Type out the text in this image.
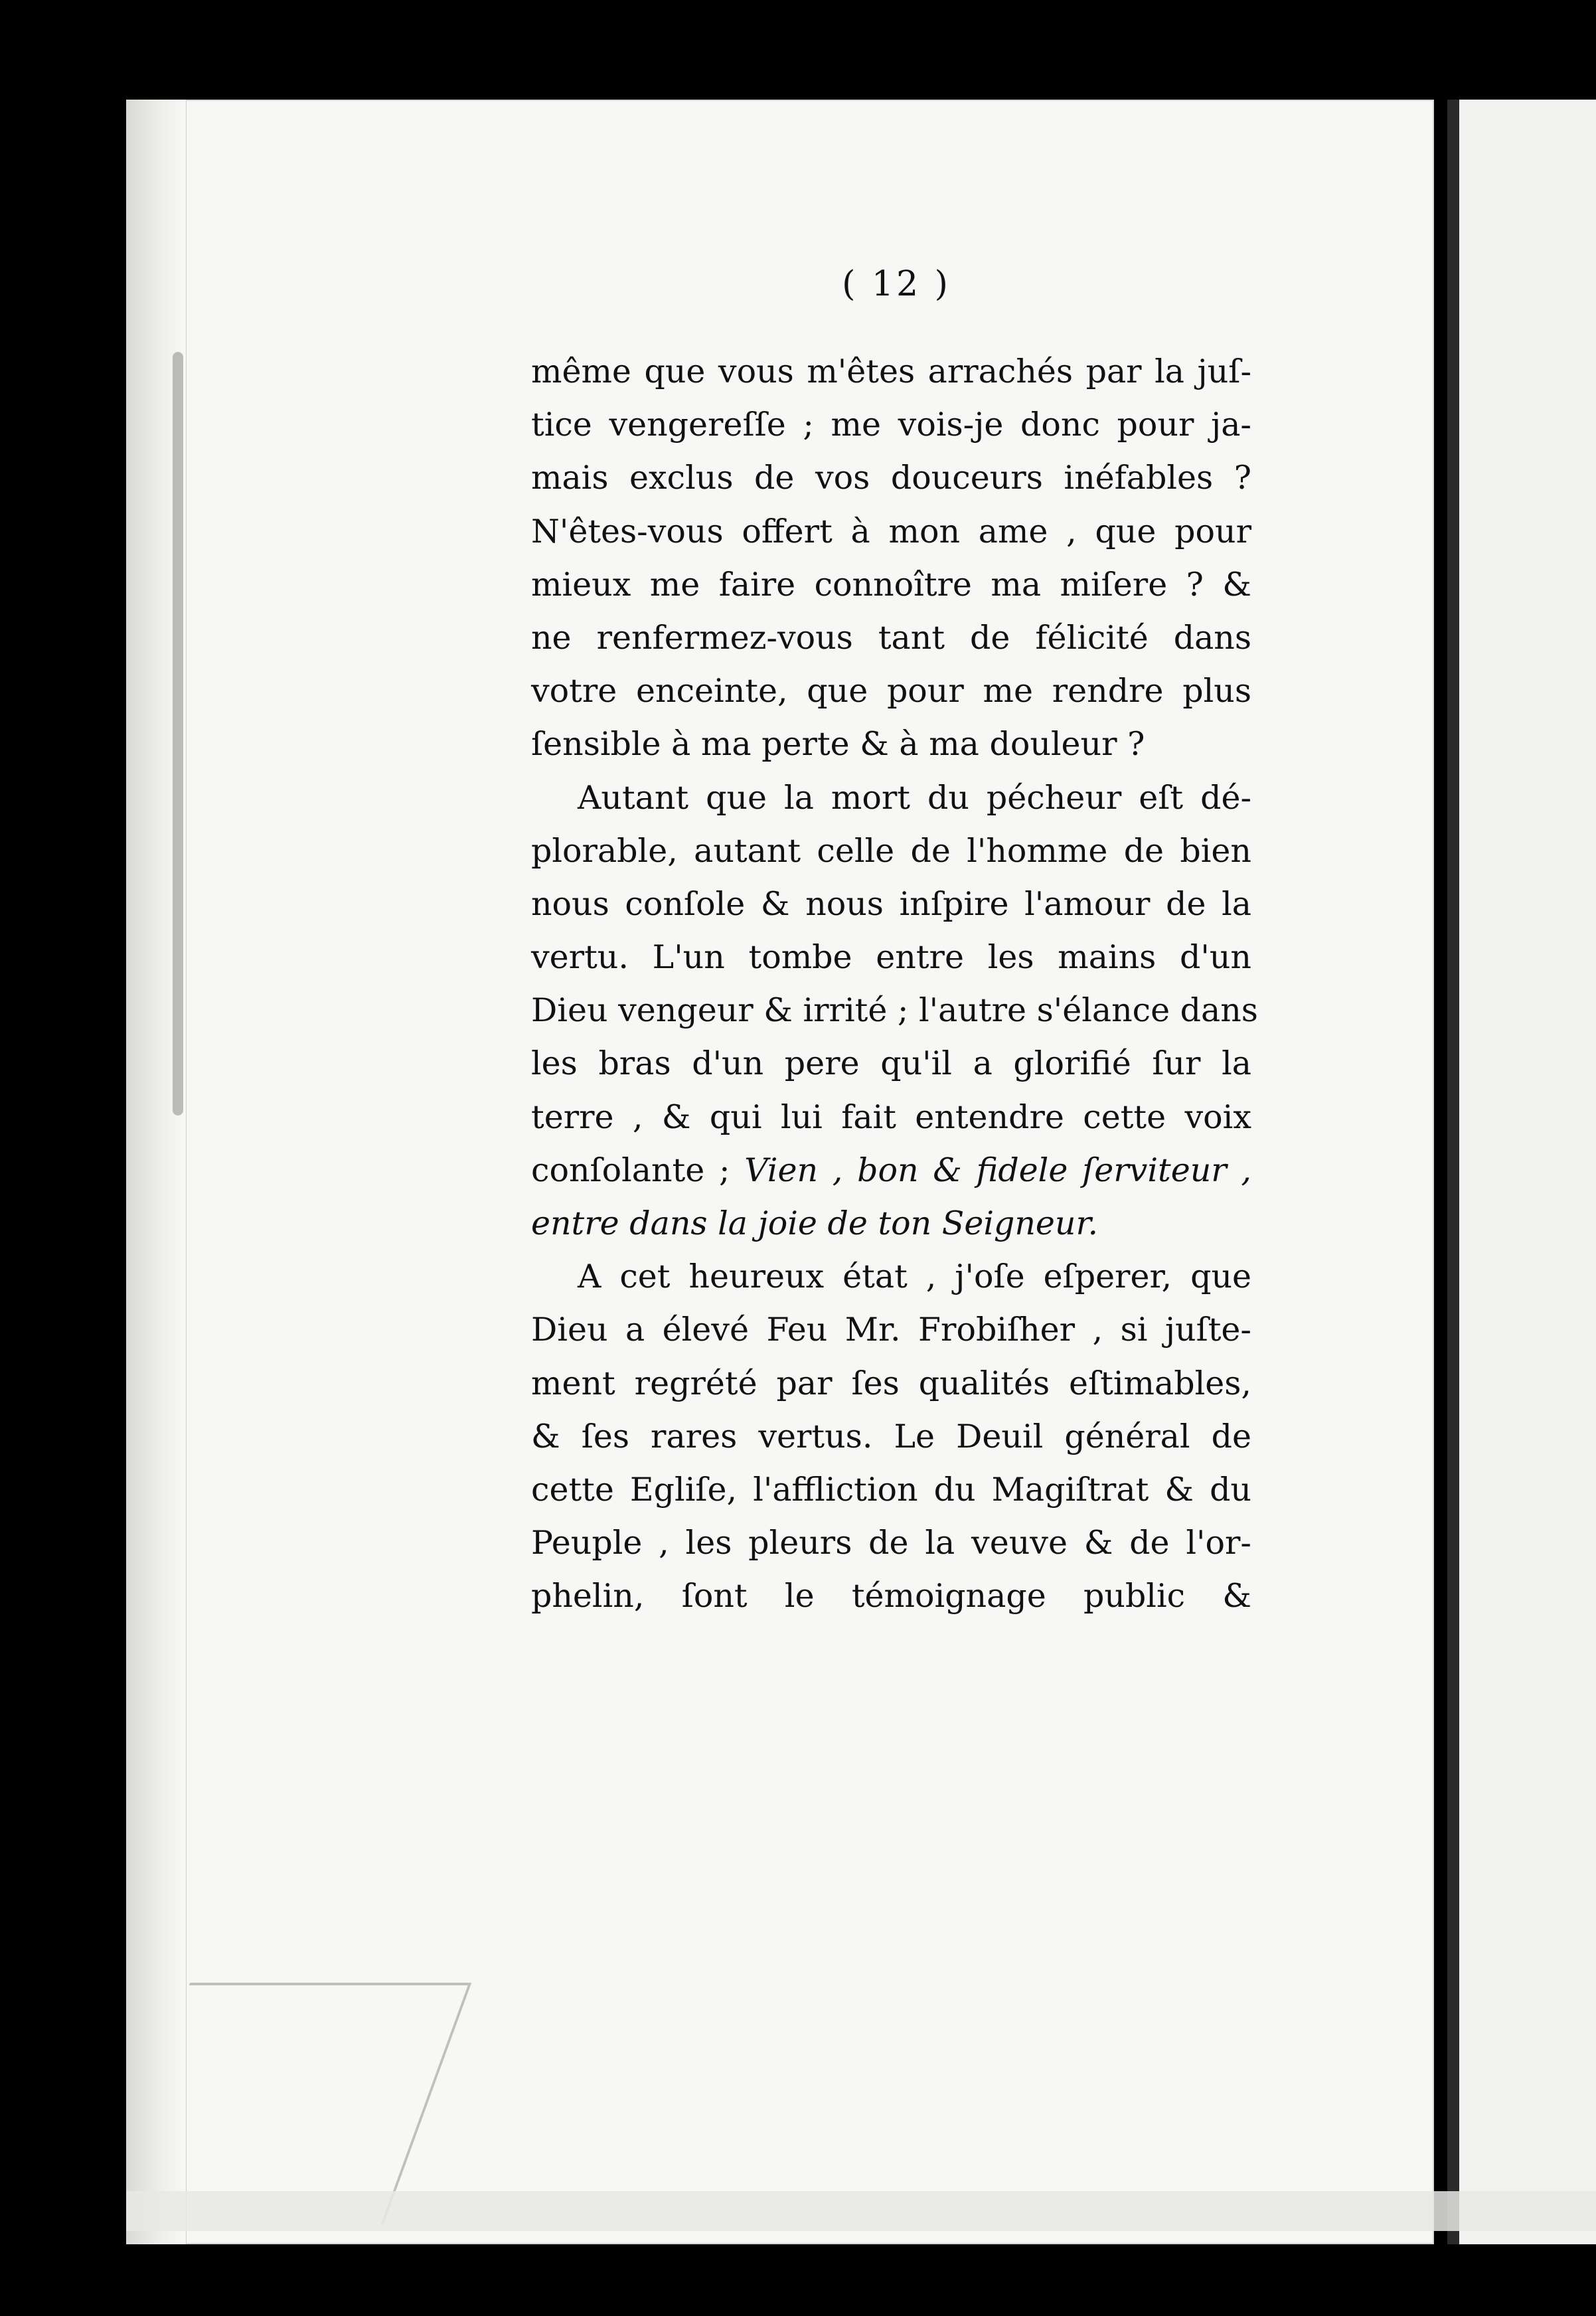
( 12 )
même que vous m'êtes arrachés par la juſ-
tice vengereſſe ; me vois-je donc pour ja-
mais exclus de vos douceurs inéfables ?
N'êtes-vous offert à mon ame , que pour
mieux me faire connoître ma miſere ? &
ne renfermez-vous tant de félicité dans
votre enceinte, que pour me rendre plus
ſensible à ma perte & à ma douleur ?
Autant que la mort du pécheur eſt dé-
plorable, autant celle de l'homme de bien
nous conſole & nous inſpire l'amour de la
vertu. L'un tombe entre les mains d'un
Dieu vengeur & irrité ; l'autre s'élance dans
les bras d'un pere qu'il a glorifié ſur la
terre , & qui lui fait entendre cette voix
conſolante ; Vien , bon & fidele ſerviteur ,
entre dans la joie de ton Seigneur.
A cet heureux état , j'oſe eſperer, que
Dieu a élevé Feu Mr. Frobiſher , si juſte-
ment regrété par ſes qualités eſtimables,
& ſes rares vertus. Le Deuil général de
cette Egliſe, l'affliction du Magiſtrat & du
Peuple , les pleurs de la veuve & de l'or-
phelin, ſont le témoignage public &
